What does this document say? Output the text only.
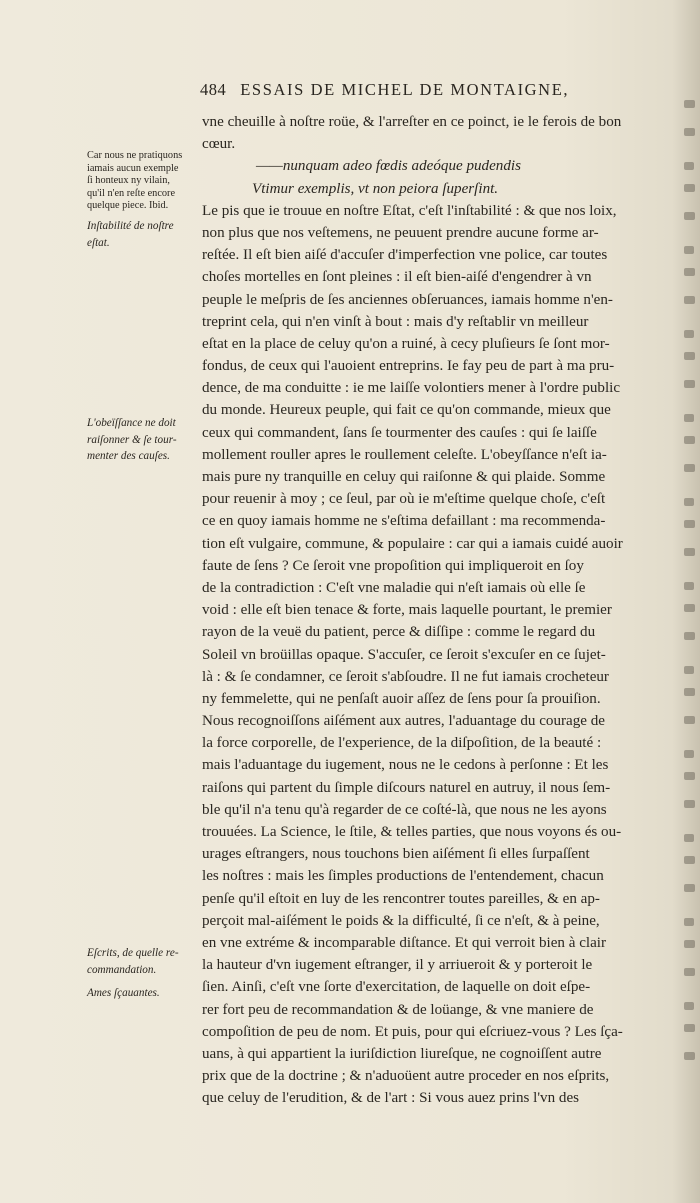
484 ESSAIS DE MICHEL DE MONTAIGNE,
Car nous ne pratiquons
iamais aucun exemple
ſi honteux ny vilain,
qu'il n'en reſte encore
quelque piece. Ibid.
Inſtabilité de noſtre
eſtat.
L'obeïſſance ne doit
raiſonner & ſe tour-
menter des cauſes.
Eſcrits, de quelle re-
commandation.
Ames ſçauantes.
vne cheuille à noſtre roüe, & l'arreſter en ce poinct, ie le ferois de bon
cœur.
——nunquam adeo fœdis adeóque pudendis
Vtimur exemplis, vt non peiora ſuperſint.
Le pis que ie trouue en noſtre Eſtat, c'eſt l'inſtabilité : & que nos loix,
non plus que nos veſtemens, ne peuuent prendre aucune forme ar-
reſtée. Il eſt bien aiſé d'accuſer d'imperfection vne police, car toutes
choſes mortelles en ſont pleines : il eſt bien-aiſé d'engendrer à vn
peuple le meſpris de ſes anciennes obſeruances, iamais homme n'en-
treprint cela, qui n'en vinſt à bout : mais d'y reſtablir vn meilleur
eſtat en la place de celuy qu'on a ruiné, à cecy pluſieurs ſe ſont mor-
fondus, de ceux qui l'auoient entreprins. Ie fay peu de part à ma pru-
dence, de ma conduitte : ie me laiſſe volontiers mener à l'ordre public
du monde. Heureux peuple, qui fait ce qu'on commande, mieux que
ceux qui commandent, ſans ſe tourmenter des cauſes : qui ſe laiſſe
mollement rouller apres le roullement celeſte. L'obeyſſance n'eſt ia-
mais pure ny tranquille en celuy qui raiſonne & qui plaide. Somme
pour reuenir à moy ; ce ſeul, par où ie m'eſtime quelque choſe, c'eſt
ce en quoy iamais homme ne s'eſtima defaillant : ma recommenda-
tion eſt vulgaire, commune, & populaire : car qui a iamais cuidé auoir
faute de ſens ? Ce ſeroit vne propoſition qui impliqueroit en ſoy
de la contradiction : C'eſt vne maladie qui n'eſt iamais où elle ſe
void : elle eſt bien tenace & forte, mais laquelle pourtant, le premier
rayon de la veuë du patient, perce & diſſipe : comme le regard du
Soleil vn broüillas opaque. S'accuſer, ce ſeroit s'excuſer en ce ſujet-
là : & ſe condamner, ce ſeroit s'abſoudre. Il ne fut iamais crocheteur
ny femmelette, qui ne penſaſt auoir aſſez de ſens pour ſa prouiſion.
Nous recognoiſſons aiſément aux autres, l'aduantage du courage de
la force corporelle, de l'experience, de la diſpoſition, de la beauté :
mais l'aduantage du iugement, nous ne le cedons à perſonne : Et les
raiſons qui partent du ſimple diſcours naturel en autruy, il nous ſem-
ble qu'il n'a tenu qu'à regarder de ce coſté-là, que nous ne les ayons
trouuées. La Science, le ſtile, & telles parties, que nous voyons és ou-
urages eſtrangers, nous touchons bien aiſément ſi elles ſurpaſſent
les noſtres : mais les ſimples productions de l'entendement, chacun
penſe qu'il eſtoit en luy de les rencontrer toutes pareilles, & en ap-
perçoit mal-aiſément le poids & la difficulté, ſi ce n'eſt, & à peine,
en vne extréme & incomparable diſtance. Et qui verroit bien à clair
la hauteur d'vn iugement eſtranger, il y arriueroit & y porteroit le
ſien. Ainſi, c'eſt vne ſorte d'exercitation, de laquelle on doit eſpe-
rer fort peu de recommandation & de loüange, & vne maniere de
compoſition de peu de nom. Et puis, pour qui eſcriuez-vous ? Les ſça-
uans, à qui appartient la iuriſdiction liureſque, ne cognoiſſent autre
prix que de la doctrine ; & n'aduoüent autre proceder en nos eſprits,
que celuy de l'erudition, & de l'art : Si vous auez prins l'vn des
